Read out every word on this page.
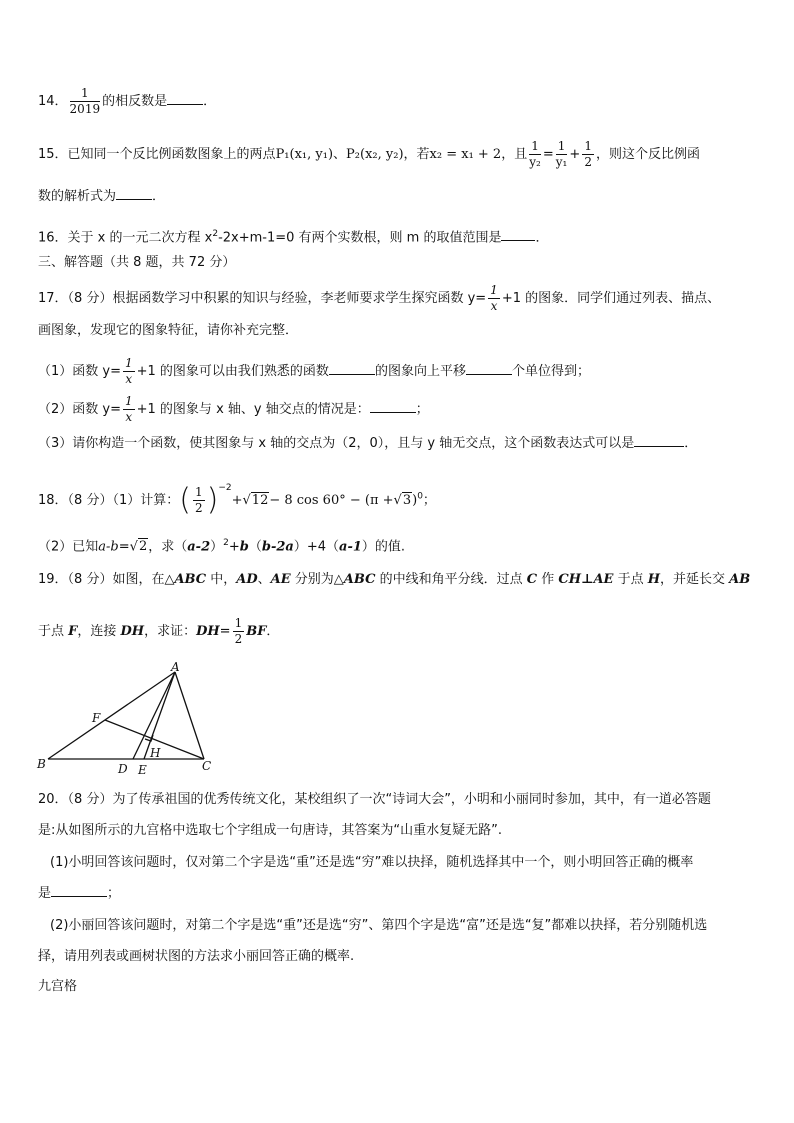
14． $\frac{1}{2019}$ 的相反数是	．
15．已知同一个反比例函数图象上的两点P₁(x₁, y₁)、P₂(x₂, y₂)，若x₂ = x₁ + 2，且 $\frac{1}{\text{y₂}} = \frac{1}{\text{y₁}} + \frac{1}{2}$ ，则这个反比例函
数的解析式为	．
16．关于 x 的一元二次方程 $x^2-2x+m-1=0$ 有两个实数根，则 m 的取值范围是	．
三、解答题（共 8 题，共 72 分）
17．（8 分）根据函数学习中积累的知识与经验，李老师要求学生探究函数 $y= \frac{1}{x} +1$ 的图象．同学们通过列表、描点、
画图象，发现它的图象特征，请你补充完整．
（1）函数 $y= \frac{1}{x} +1$ 的图象可以由我们熟悉的函数	的图象向上平移	个单位得到；
（2）函数 $y= \frac{1}{x} +1$ 的图象与 x 轴、y 轴交点的情况是：	；
（3）请你构造一个函数，使其图象与 x 轴的交点为（2，0），且与 y 轴无交点，这个函数表达式可以是	．
18．（8 分）（1）计算：( $\frac{1}{2} )^{-2}+√12- 8$ $\cos 60^\circ - (\pi +√3)^0$；
（2）已知a-b=√2，求$(a-2)^2+b(b-2a)+4(a-1)$的值.
19．（8 分）如图，在△ABC 中，AD、AE 分别为△ABC 的中线和角平分线．过点 C 作 CH⊥AE 于点 H，并延长交 AB
于点 F，连接 DH，求证：$DH= \frac{1}{2}$ BF．
A
B	C
D E
F
H
20．（8 分）为了传承祖国的优秀传统文化，某校组织了一次“诗词大会”，小明和小丽同时参加，其中，有一道必答题
是:从如图所示的九宫格中选取七个字组成一句唐诗，其答案为“山重水复疑无路”.
(1)小明回答该问题时，仅对第二个字是选“重”还是选“穷”难以抉择，随机选择其中一个，则小明回答正确的概率
是	；
(2)小丽回答该问题时，对第二个字是选“重”还是选“穷”、第四个字是选“富”还是选“复”都难以抉择，若分别随机选
择，请用列表或画树状图的方法求小丽回答正确的概率.
九宫格
